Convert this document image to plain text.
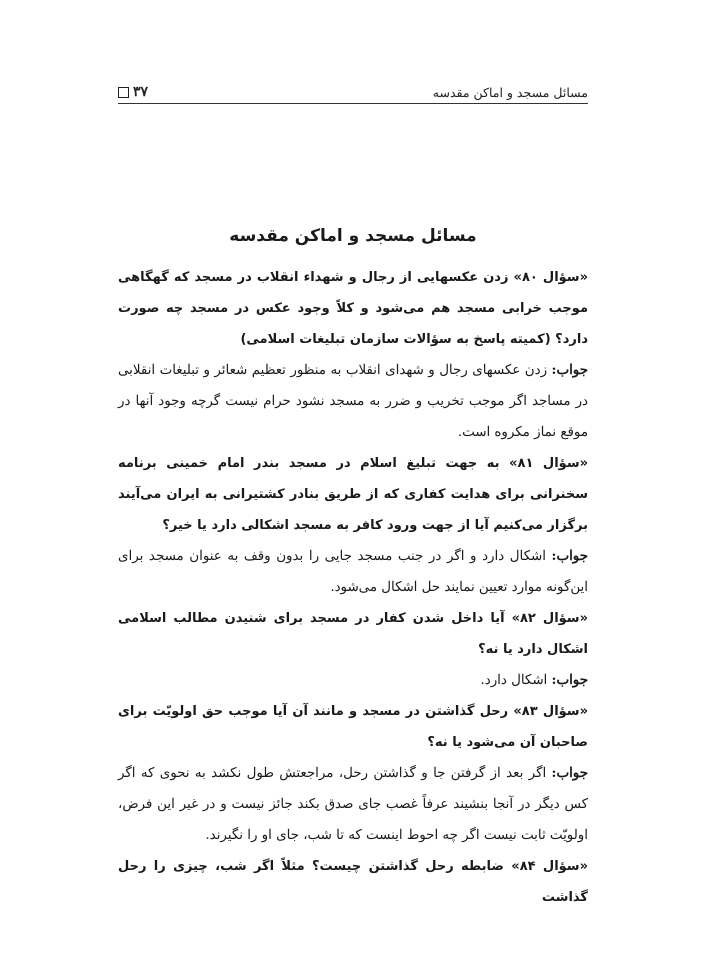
مسائل مسجد و اماکن مقدسه
۳۷
مسائل مسجد و اماکن مقدسه

«سؤال ۸۰» زدن عکسهایی از رجال و شهداء انقلاب در مسجد که گهگاهی موجب خرابی مسجد هم می‌شود و کلاً وجود عکس در مسجد چه صورت دارد؟ (کمیته پاسخ به سؤالات سازمان تبلیغات اسلامی)

جواب: زدن عکسهای رجال و شهدای انقلاب به منظور تعظیم شعائر و تبلیغات انقلابی در مساجد اگر موجب تخریب و ضرر به مسجد نشود حرام نیست گرچه وجود آنها در موقع نماز مکروه است.

«سؤال ۸۱» به جهت تبلیغ اسلام در مسجد بندر امام خمینی برنامه سخنرانی برای هدایت کفاری که از طریق بنادر کشتیرانی به ایران می‌آیند برگزار می‌کنیم آیا از جهت ورود کافر به مسجد اشکالی دارد یا خیر؟

جواب: اشکال دارد و اگر در جنب مسجد جایی را بدون وقف به عنوان مسجد برای این‌گونه موارد تعیین نمایند حل اشکال می‌شود.

«سؤال ۸۲» آیا داخل شدن کفار در مسجد برای شنیدن مطالب اسلامی اشکال دارد یا نه؟

جواب: اشکال دارد.

«سؤال ۸۳» رحل گذاشتن در مسجد و مانند آن آیا موجب حق اولویّت برای صاحبان آن می‌شود یا نه؟

جواب: اگر بعد از گرفتن جا و گذاشتن رحل، مراجعتش طول نکشد به نحوی که اگر کس دیگر در آنجا بنشیند عرفاً غصب جای صدق بکند جائز نیست و در غیر این فرض، اولویّت ثابت نیست اگر چه احوط اینست که تا شب، جای او را نگیرند.

«سؤال ۸۴» ضابطه رحل گذاشتن چیست؟ مثلاً اگر شب، چیزی را رحل گذاشت
